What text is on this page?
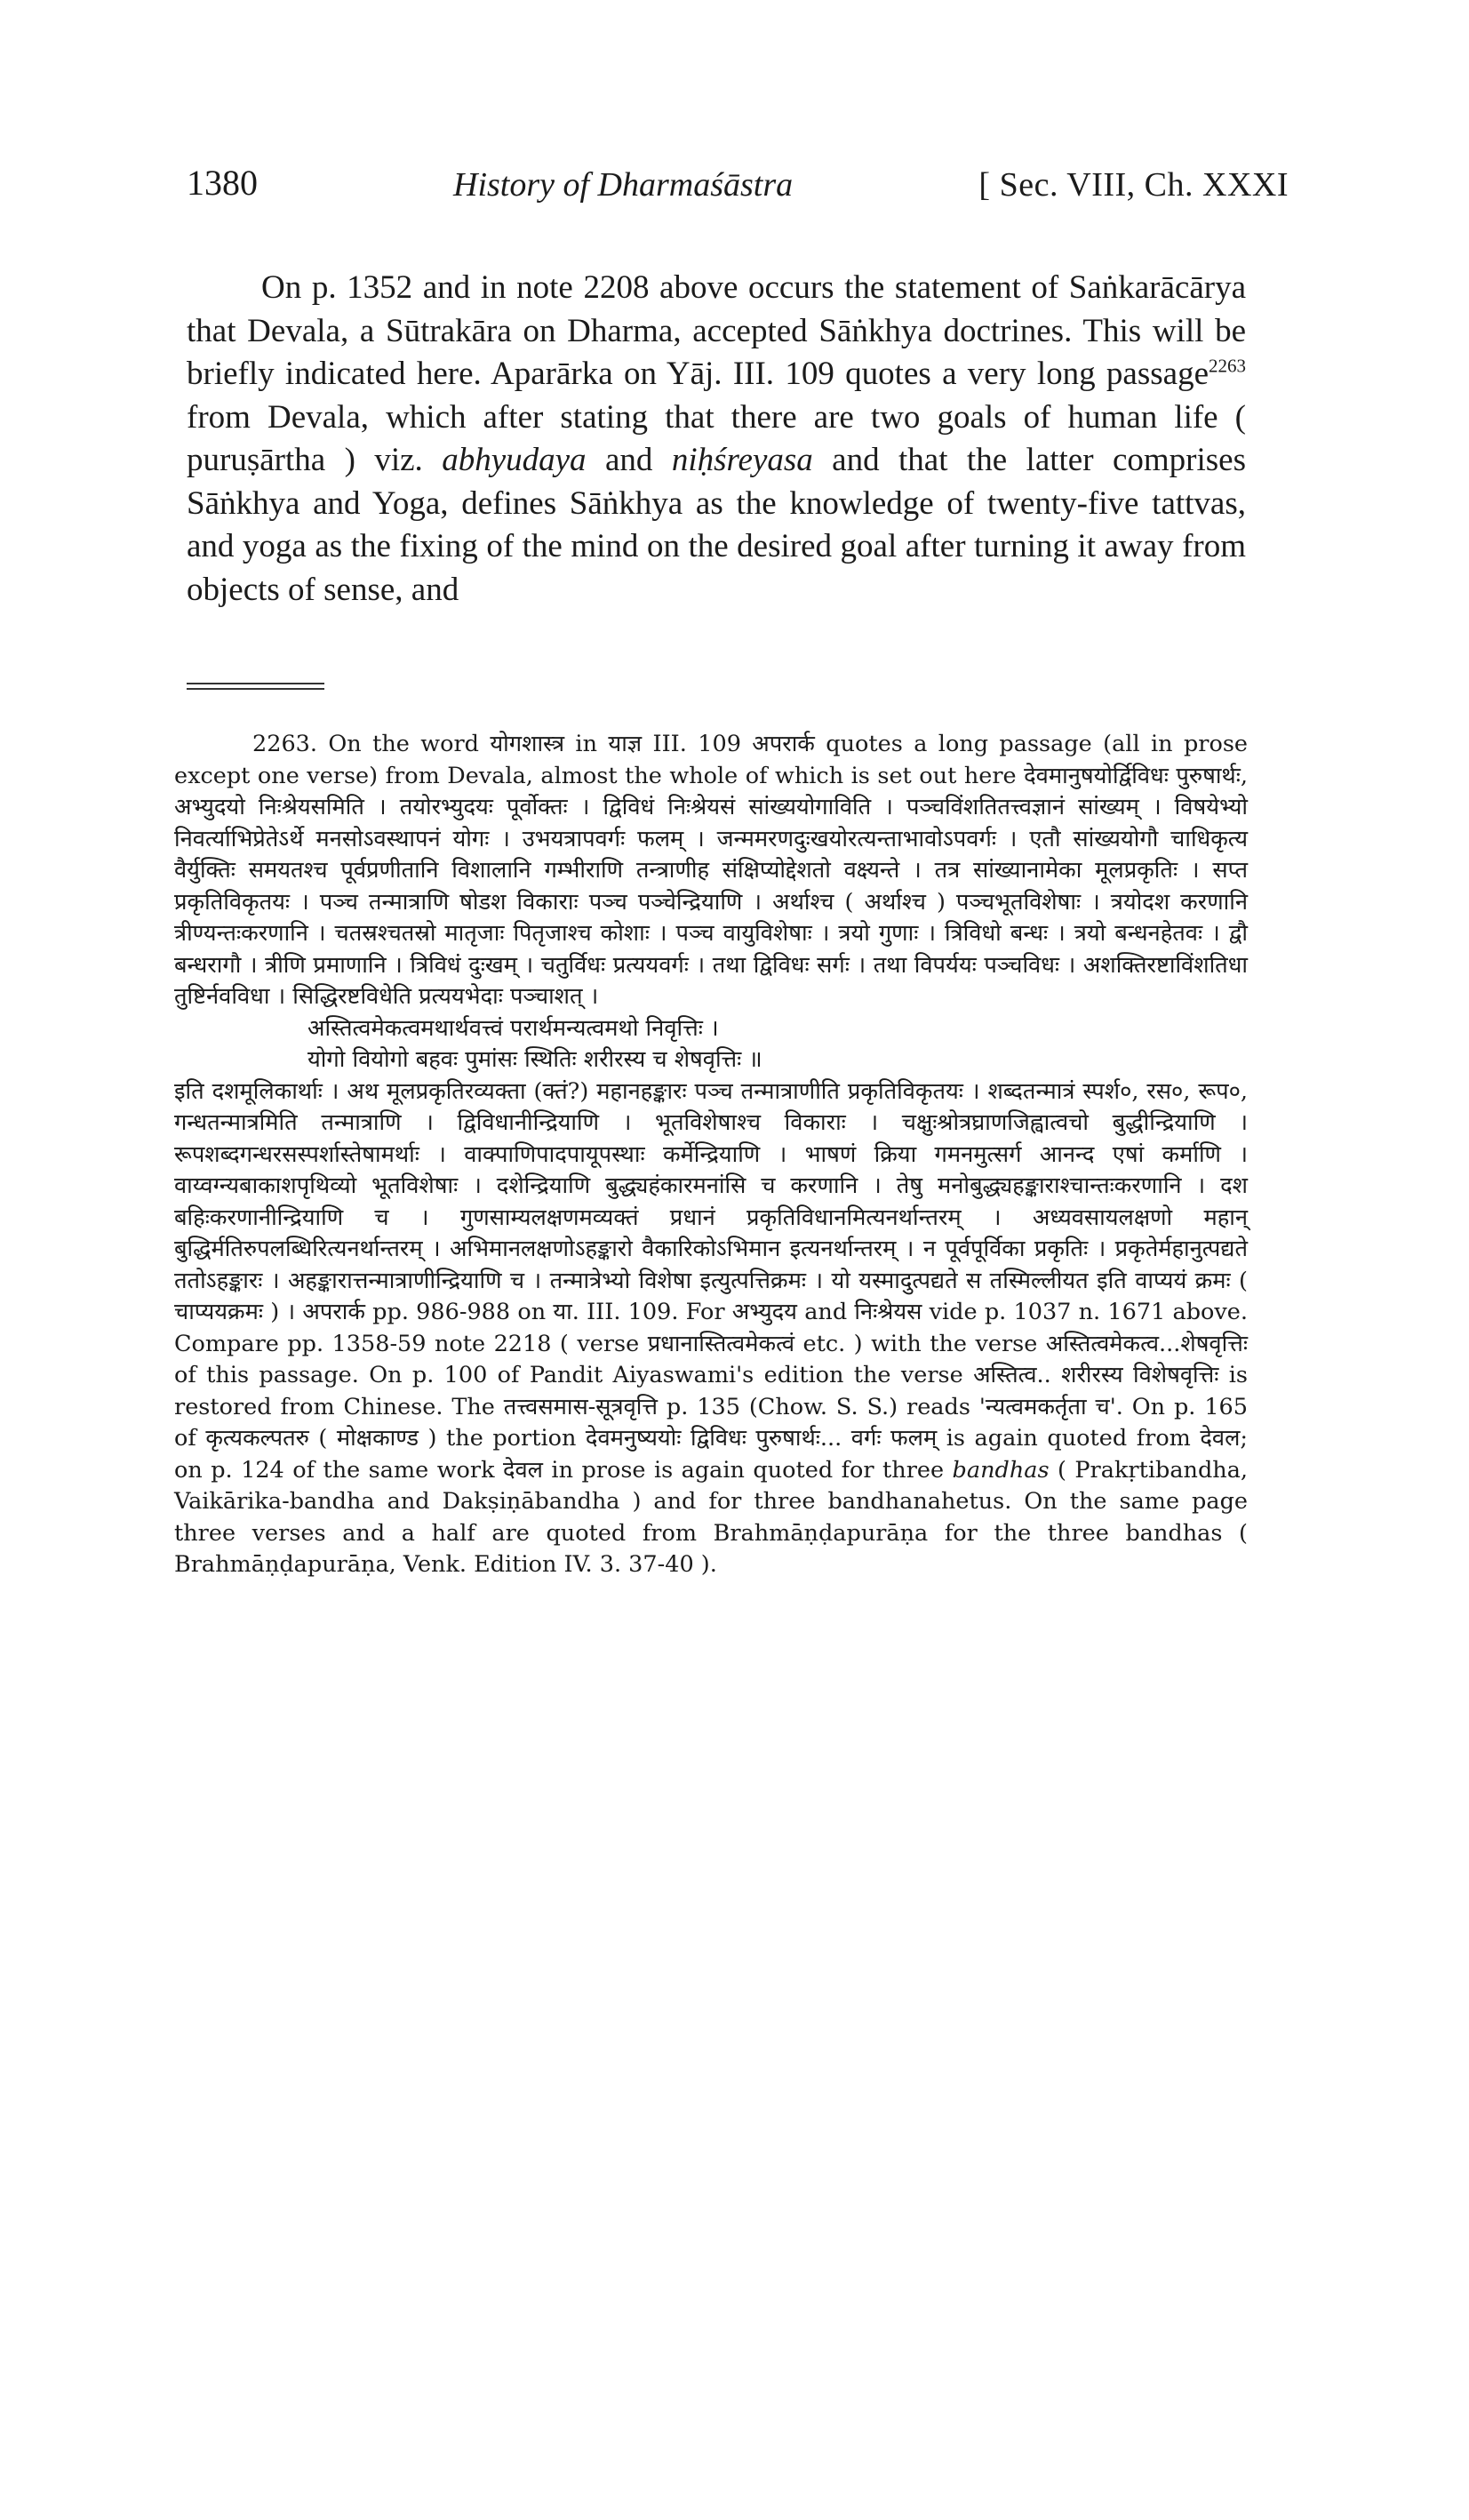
1380	History of Dharmaśāstra	[ Sec. VIII, Ch. XXXI

On p. 1352 and in note 2208 above occurs the statement of Saṅkarācārya that Devala, a Sūtrakāra on Dharma, accepted Sāṅkhya doctrines. This will be briefly indicated here. Aparārka on Yāj. III. 109 quotes a very long passage$^{2263}$ from Devala, which after stating that there are two goals of human life ( puruṣārtha ) viz. abhyudaya and niḥśreyasa and that the latter comprises Sāṅkhya and Yoga, defines Sāṅkhya as the knowledge of twenty-five tattvas, and yoga as the fixing of the mind on the desired goal after turning it away from objects of sense, and

2263. On the word योगशास्त्र in याज्ञ III. 109 अपरार्क quotes a long passage (all in prose except one verse) from Devala, almost the whole of which is set out here देवमानुषयोर्द्विविधः पुरुषार्थः, अभ्युदयो निःश्रेयसमिति । तयोरभ्युदयः पूर्वोक्तः । द्विविधं निःश्रेयसं सांख्ययोगाविति । पञ्चविंशतितत्त्वज्ञानं सांख्यम् । विषयेभ्यो निवर्त्याभिप्रेतेऽर्थे मनसोऽवस्थापनं योगः । उभयत्रापवर्गः फलम् । जन्ममरणदुःखयोरत्यन्ताभावोऽपवर्गः । एतौ सांख्ययोगौ चाधिकृत्य वैर्युक्तिः समयतश्च पूर्वप्रणीतानि विशालानि गम्भीराणि तन्त्राणीह संक्षिप्योद्देशतो वक्ष्यन्ते । तत्र सांख्यानामेका मूलप्रकृतिः । सप्त प्रकृतिविकृतयः । पञ्च तन्मात्राणि षोडश विकाराः पञ्च पञ्चेन्द्रियाणि । अर्थाश्च ( अर्थाश्च ) पञ्चभूतविशेषाः । त्रयोदश करणानि त्रीण्यन्तःकरणानि । चतस्रश्चतस्रो मातृजाः पितृजाश्च कोशाः । पञ्च वायुविशेषाः । त्रयो गुणाः । त्रिविधो बन्धः । त्रयो बन्धनहेतवः । द्वौ बन्धरागौ । त्रीणि प्रमाणानि । त्रिविधं दुःखम् । चतुर्विधः प्रत्ययवर्गः । तथा द्विविधः सर्गः । तथा विपर्ययः पञ्चविधः । अशक्तिरष्टाविंशतिधा तुष्टिर्नवविधा । सिद्धिरष्टविधेति प्रत्ययभेदाः पञ्चाशत् ।

अस्तित्वमेकत्वमथार्थवत्त्वं परार्थमन्यत्वमथो निवृत्तिः ।
योगो वियोगो बहवः पुमांसः स्थितिः शरीरस्य च शेषवृत्तिः ॥

इति दशमूलिकार्थाः । अथ मूलप्रकृतिरव्यक्ता (क्तं?) महानहङ्कारः पञ्च तन्मात्राणीति प्रकृतिविकृतयः । शब्दतन्मात्रं स्पर्श०, रस०, रूप०, गन्धतन्मात्रमिति तन्मात्राणि । द्विविधानीन्द्रियाणि । भूतविशेषाश्च विकाराः । चक्षुःश्रोत्रघ्राणजिह्वात्वचो बुद्धीन्द्रियाणि । रूपशब्दगन्धरसस्पर्शास्तेषामर्थाः । वाक्पाणिपादपायूपस्थाः कर्मेन्द्रियाणि । भाषणं क्रिया गमनमुत्सर्ग आनन्द एषां कर्माणि । वाय्वग्न्यबाकाशपृथिव्यो भूतविशेषाः । दशेन्द्रियाणि बुद्ध्यहंकारमनांसि च करणानि । तेषु मनोबुद्ध्यहङ्काराश्चान्तःकरणानि । दश बहिःकरणानीन्द्रियाणि च । गुणसाम्यलक्षणमव्यक्तं प्रधानं प्रकृतिविधानमित्यनर्थान्तरम् । अध्यवसायलक्षणो महान् बुद्धिर्मतिरुपलब्धिरित्यनर्थान्तरम् । अभिमानलक्षणोऽहङ्कारो वैकारिकोऽभिमान इत्यनर्थान्तरम् । न पूर्वपूर्विका प्रकृतिः । प्रकृतेर्महानुत्पद्यते ततोऽहङ्कारः । अहङ्कारात्तन्मात्राणीन्द्रियाणि च । तन्मात्रेभ्यो विशेषा इत्युत्पत्तिक्रमः । यो यस्मादुत्पद्यते स तस्मिल्लीयत इति वाप्ययं क्रमः ( चाप्ययक्रमः ) । अपरार्क pp. 986-988 on या. III. 109. For अभ्युदय and निःश्रेयस vide p. 1037 n. 1671 above. Compare pp. 1358-59 note 2218 ( verse प्रधानास्तित्वमेकत्वं etc. ) with the verse अस्तित्वमेकत्व...शेषवृत्तिः of this passage. On p. 100 of Pandit Aiyaswami's edition the verse अस्तित्व.. शरीरस्य विशेषवृत्तिः is restored from Chinese. The तत्त्वसमास-सूत्रवृत्ति p. 135 (Chow. S. S.) reads 'न्यत्वमकर्तृता च'. On p. 165 of कृत्यकल्पतरु ( मोक्षकाण्ड ) the portion देवमनुष्ययोः द्विविधः पुरुषार्थः... वर्गः फलम् is again quoted from देवल; on p. 124 of the same work देवल in prose is again quoted for three bandhas ( Prakṛtibandha, Vaikārika-bandha and Dakṣiṇābandha ) and for three bandhanahetus. On the same page three verses and a half are quoted from Brahmāṇḍapurāṇa for the three bandhas ( Brahmāṇḍapurāṇa, Venk. Edition IV. 3. 37-40 ).
